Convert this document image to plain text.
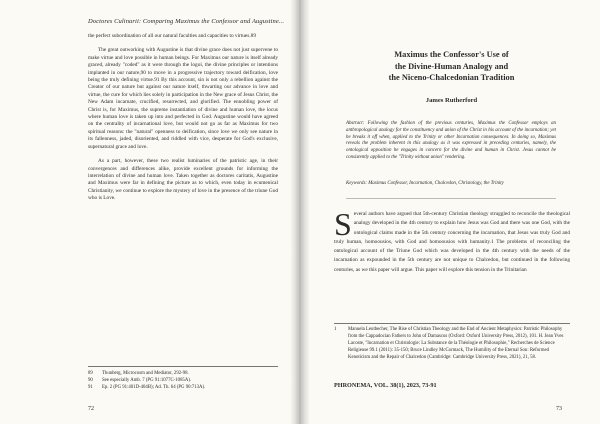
Doctores Culinarii: Comparing Maximus the Confessor and Augustine...

the perfect subordination of all our natural faculties and capacities to virtues.89

The great outworking with Augustine is that divine grace does not just supervene to make virtue and love possible in human beings. For Maximus our nature is itself already graced, already "coded" as it were through the logoi, the divine principles or intentions implanted in our nature,90 to move in a progressive trajectory toward deification, love being the truly defining virtue.91 By this account, sin is not only a rebellion against the Creator of our nature but against our nature itself, thwarting our advance in love and virtue, the cure for which lies solely in participation in the New grace of Jesus Christ, the New Adam incarnate, crucified, resurrected, and glorified. The ennobling power of Christ is, for Maximus, the supreme instantiation of divine and human love, the locus where human love is taken up into and perfected in God. Augustine would have agreed on the centrality of incarnational love, but would not go as far as Maximus for two spiritual reasons: the "natural" openness to deification, since love we only see nature in its fallenness, jaded, disoriented, and riddled with vice, desperate for God's exclusive, supernatural grace and love.

As a part, however, these two realist luminaries of the patristic age, in their convergences and differences alike, provide excellent grounds for informing the interrelation of divine and human love. Taken together as doctores caritatis, Augustine and Maximus were far in defining the picture as to which, even today in ecumenical Christianity, we continue to explore the mystery of love in the presence of the triune God who is Love.

89	Thunberg, Microcosm and Mediator, 292-98.
90	See especially Amb. 7 (PG 91:1077C-1085A).
91	Ep. 2 (PG 91:401D-404B); Ad. Th. 64 (PG 90:713A).
72
Maximus the Confessor's Use of
the Divine-Human Analogy and
the Niceno-Chalcedonian Tradition
James Rutherford
Abstract: Following the fashion of the previous centuries, Maximus the Confessor employs an anthropological analogy for the constituency and union of the Christ in his account of the incarnation; yet he breaks it off when, applied to the Trinity or other Incarnation consequences. In doing so, Maximus reveals the problem inherent in this analogy as it was expressed in preceding centuries, namely, the ontological opposition he engages in concern for the divine and human in Christ. Jesus cannot be consistently applied to the "Trinity without union" rendering.
Keywords: Maximus Confessor, Incarnation, Chalcedon, Christology, the Trinity
S everal authors have argued that 5th-century Christian theology struggled to reconcile the theological analogy developed in the 4th century to explain how Jesus was God and there was one God, with the ontological claims made in the 5th century concerning the incarnation, that Jesus was truly God and truly human, homoousios, with God and homoousios with humanity.1 The problems of reconciling the ontological account of the Triune God which was developed in the 4th century with the needs of the incarnation as expounded in the 5th century are not unique to Chalcedon, but continued in the following centuries, as we this paper will argue. This paper will explore this tension in the Trinitarian
1	Manuela Leutbecher, The Rise of Christian Theology and the End of Ancient Metaphysics: Patristic Philosophy from the Cappadocian Fathers to John of Damascus (Oxford: Oxford University Press, 2012), 101. H. Jean Yves Lacoste, "Incarnation et Christologie: La Substance de la Théologie et Philosophie," Recherches de Science Religieuse 99.1 (2011): 35-150; Bruce Lindley McCormack, The Humility of the Eternal Son: Reformed Kenoticism and the Repair of Chalcedon (Cambridge: Cambridge University Press, 2021), 21, 58.
PHRONEMA, VOL. 38(1), 2023, 73-91
73
